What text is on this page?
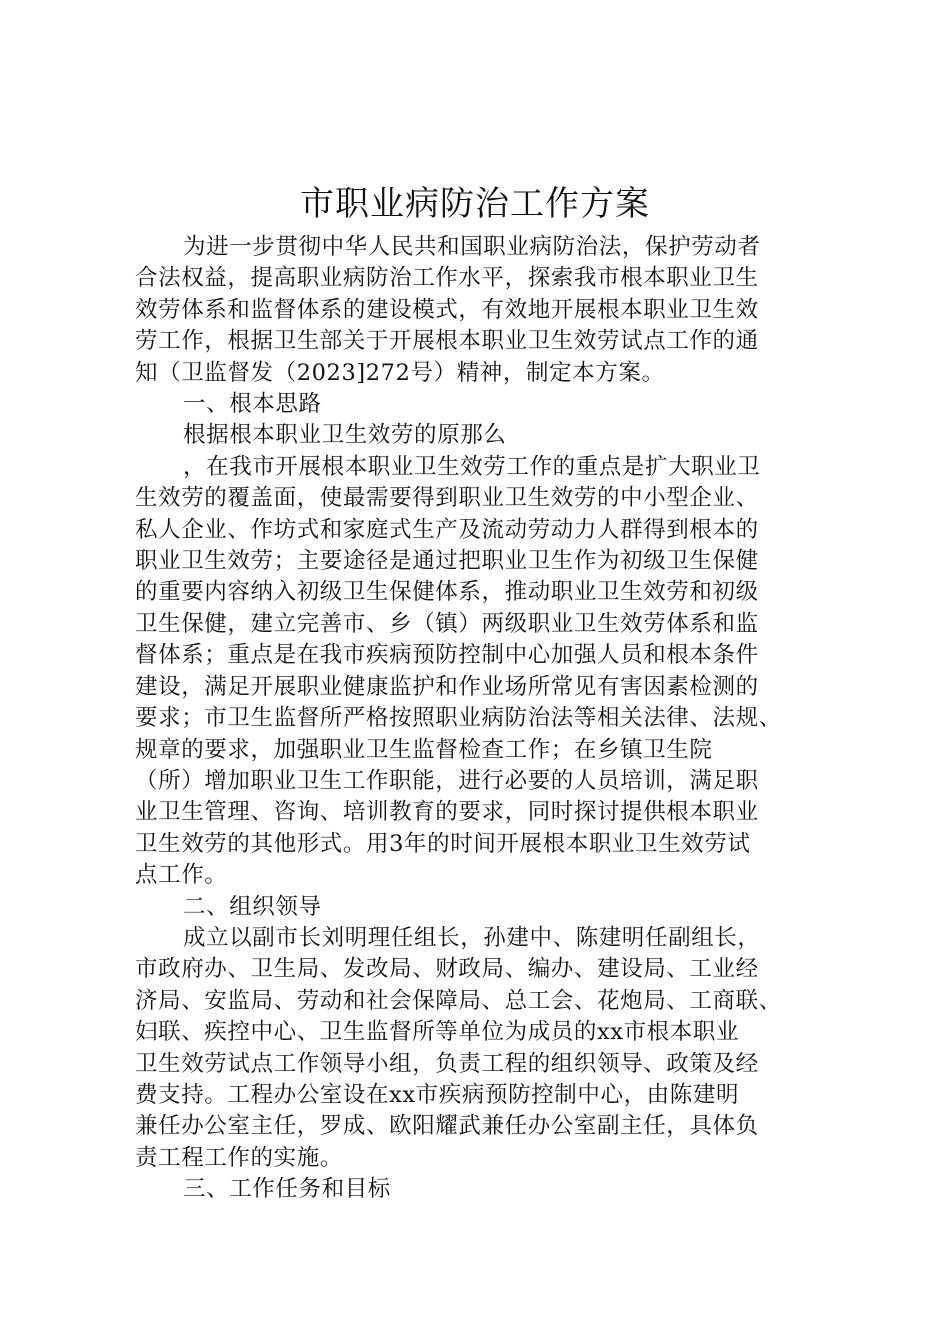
市职业病防治工作方案
为进一步贯彻中华人民共和国职业病防治法，保护劳动者
合法权益，提高职业病防治工作水平，探索我市根本职业卫生
效劳体系和监督体系的建设模式，有效地开展根本职业卫生效
劳工作，根据卫生部关于开展根本职业卫生效劳试点工作的通
知（卫监督发（2023]272号）精神，制定本方案。
一、根本思路
根据根本职业卫生效劳的原那么
，在我市开展根本职业卫生效劳工作的重点是扩大职业卫
生效劳的覆盖面，使最需要得到职业卫生效劳的中小型企业、
私人企业、作坊式和家庭式生产及流动劳动力人群得到根本的
职业卫生效劳；主要途径是通过把职业卫生作为初级卫生保健
的重要内容纳入初级卫生保健体系，推动职业卫生效劳和初级
卫生保健，建立完善市、乡（镇）两级职业卫生效劳体系和监
督体系；重点是在我市疾病预防控制中心加强人员和根本条件
建设，满足开展职业健康监护和作业场所常见有害因素检测的
要求；市卫生监督所严格按照职业病防治法等相关法律、法规、
规章的要求，加强职业卫生监督检查工作；在乡镇卫生院
（所）增加职业卫生工作职能，进行必要的人员培训，满足职
业卫生管理、咨询、培训教育的要求，同时探讨提供根本职业
卫生效劳的其他形式。用3年的时间开展根本职业卫生效劳试
点工作。
二、组织领导
成立以副市长刘明理任组长，孙建中、陈建明任副组长，
市政府办、卫生局、发改局、财政局、编办、建设局、工业经
济局、安监局、劳动和社会保障局、总工会、花炮局、工商联、
妇联、疾控中心、卫生监督所等单位为成员的xx市根本职业
卫生效劳试点工作领导小组，负责工程的组织领导、政策及经
费支持。工程办公室设在xx市疾病预防控制中心，由陈建明
兼任办公室主任，罗成、欧阳耀武兼任办公室副主任，具体负
责工程工作的实施。
三、工作任务和目标
